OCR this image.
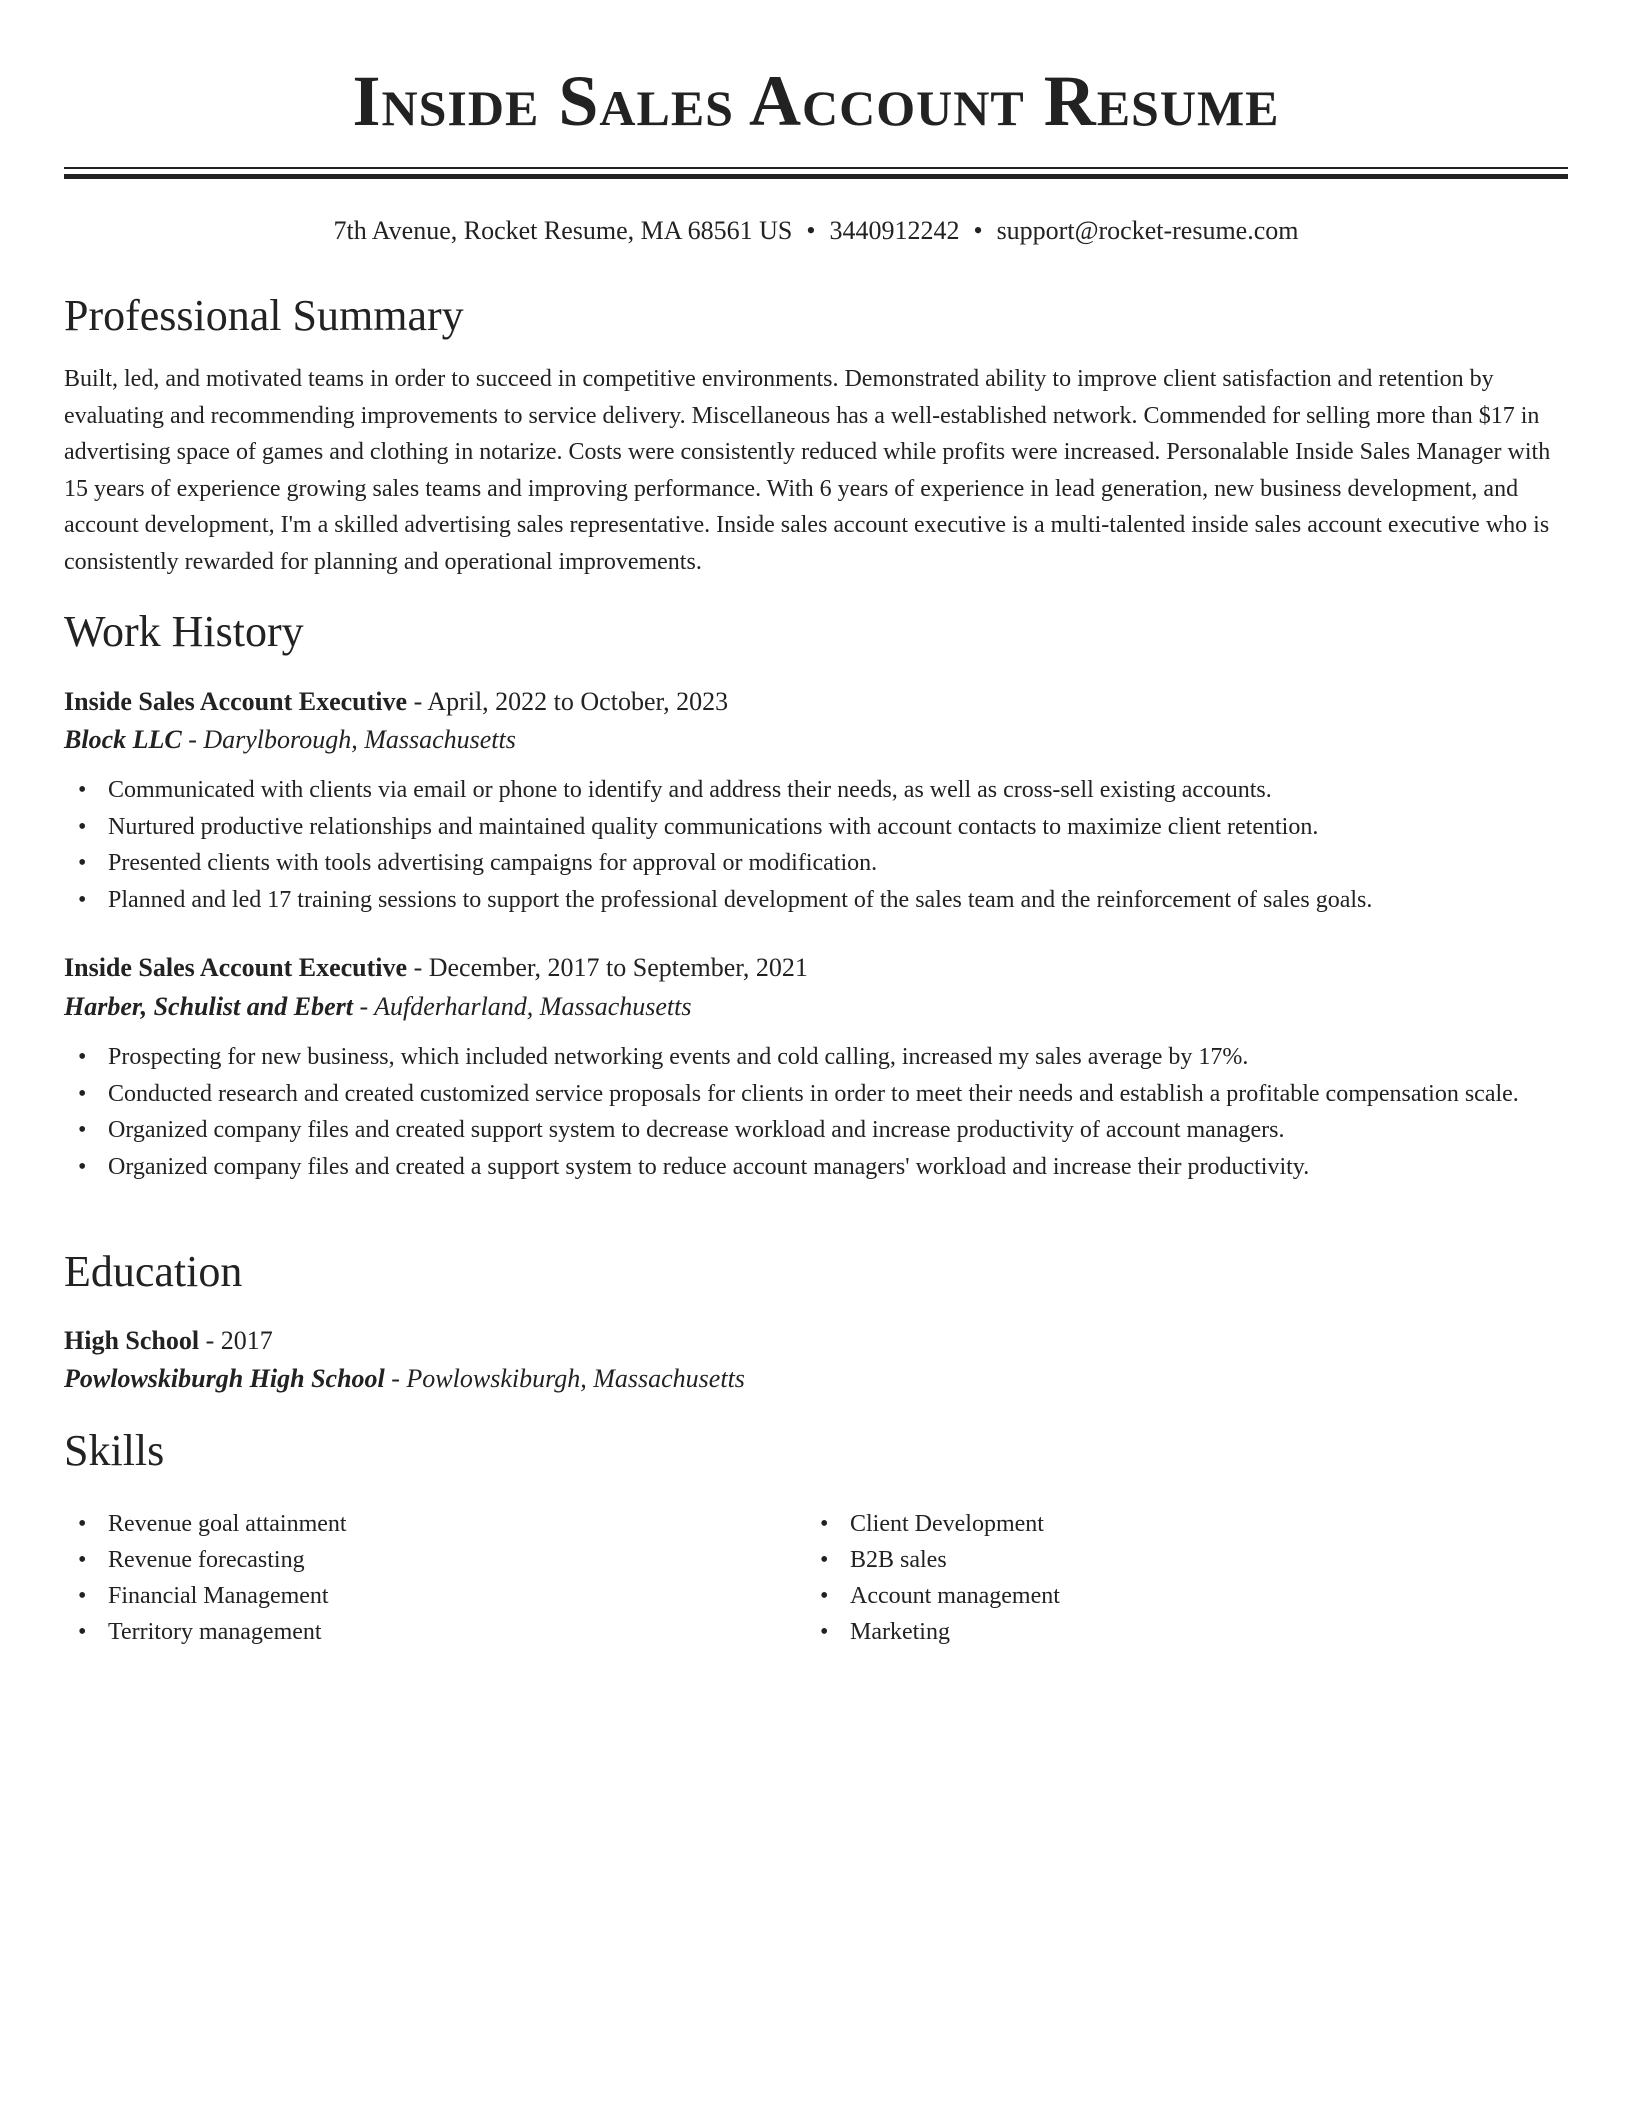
Inside Sales Account Resume
7th Avenue, Rocket Resume, MA 68561 US • 3440912242 • support@rocket-resume.com
Professional Summary

Built, led, and motivated teams in order to succeed in competitive environments. Demonstrated ability to improve client satisfaction and retention by evaluating and recommending improvements to service delivery. Miscellaneous has a well-established network. Commended for selling more than $17 in advertising space of games and clothing in notarize. Costs were consistently reduced while profits were increased. Personalable Inside Sales Manager with 15 years of experience growing sales teams and improving performance. With 6 years of experience in lead generation, new business development, and account development, I'm a skilled advertising sales representative. Inside sales account executive is a multi-talented inside sales account executive who is consistently rewarded for planning and operational improvements.

Work History
Inside Sales Account Executive - April, 2022 to October, 2023
Block LLC - Darylborough, Massachusetts
• Communicated with clients via email or phone to identify and address their needs, as well as cross-sell existing accounts.
• Nurtured productive relationships and maintained quality communications with account contacts to maximize client retention.
• Presented clients with tools advertising campaigns for approval or modification.
• Planned and led 17 training sessions to support the professional development of the sales team and the reinforcement of sales goals.
Inside Sales Account Executive - December, 2017 to September, 2021
Harber, Schulist and Ebert - Aufderharland, Massachusetts
• Prospecting for new business, which included networking events and cold calling, increased my sales average by 17%.
• Conducted research and created customized service proposals for clients in order to meet their needs and establish a profitable compensation scale.
• Organized company files and created support system to decrease workload and increase productivity of account managers.
• Organized company files and created a support system to reduce account managers' workload and increase their productivity.
Education
High School - 2017
Powlowskiburgh High School - Powlowskiburgh, Massachusetts
Skills
• Revenue goal attainment
• Revenue forecasting
• Financial Management
• Territory management
• Client Development
• B2B sales
• Account management
• Marketing
